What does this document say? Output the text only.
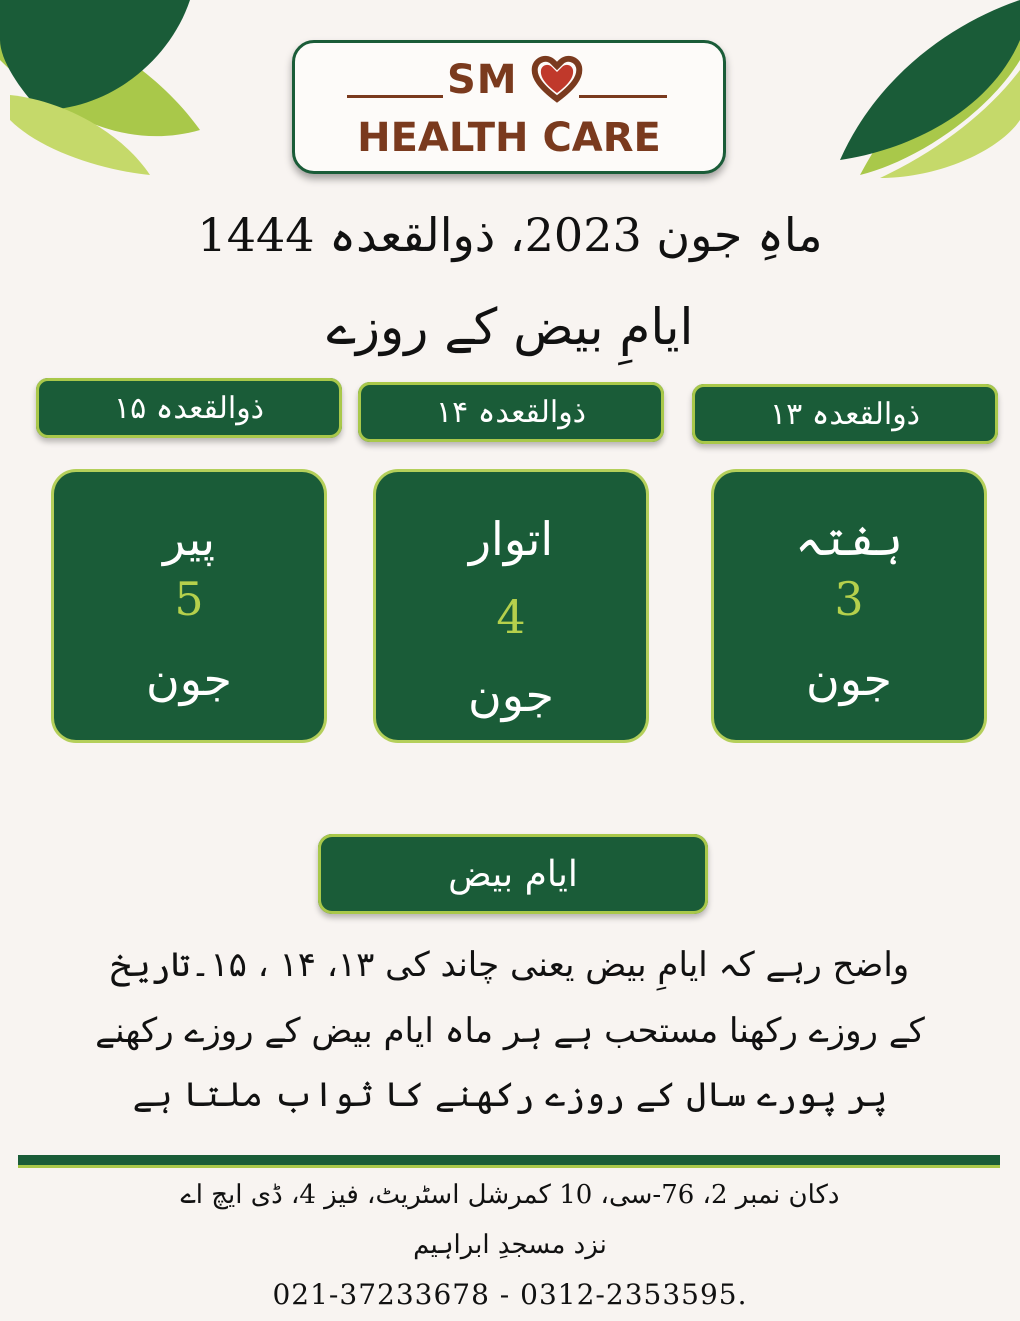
SM
HEALTH CARE
ماہِ جون 2023، ذوالقعدہ 1444
ایامِ بیض کے روزے
ذوالقعدہ ۱۵	ذوالقعدہ ۱۴	ذوالقعدہ ۱۳
پیر
5
جون
اتوار
4
جون
ہفتہ
3
جون
ایام بیض
واضح رہے کہ ایامِ بیض یعنی چاند کی ۱۳، ۱۴ ، ۱۵۔تاریخ
کے روزے رکھنا مستحب ہے ہر ماہ ایام بیض کے روزے رکھنے
پر پورے سال کے روزے رکھنے کا ثواب ملتا ہے
دکان نمبر 2، 76-سی، 10 کمرشل اسٹریٹ، فیز 4، ڈی ایچ اے
نزد مسجدِ ابراہیم
021-37233678 - 0312-2353595.
